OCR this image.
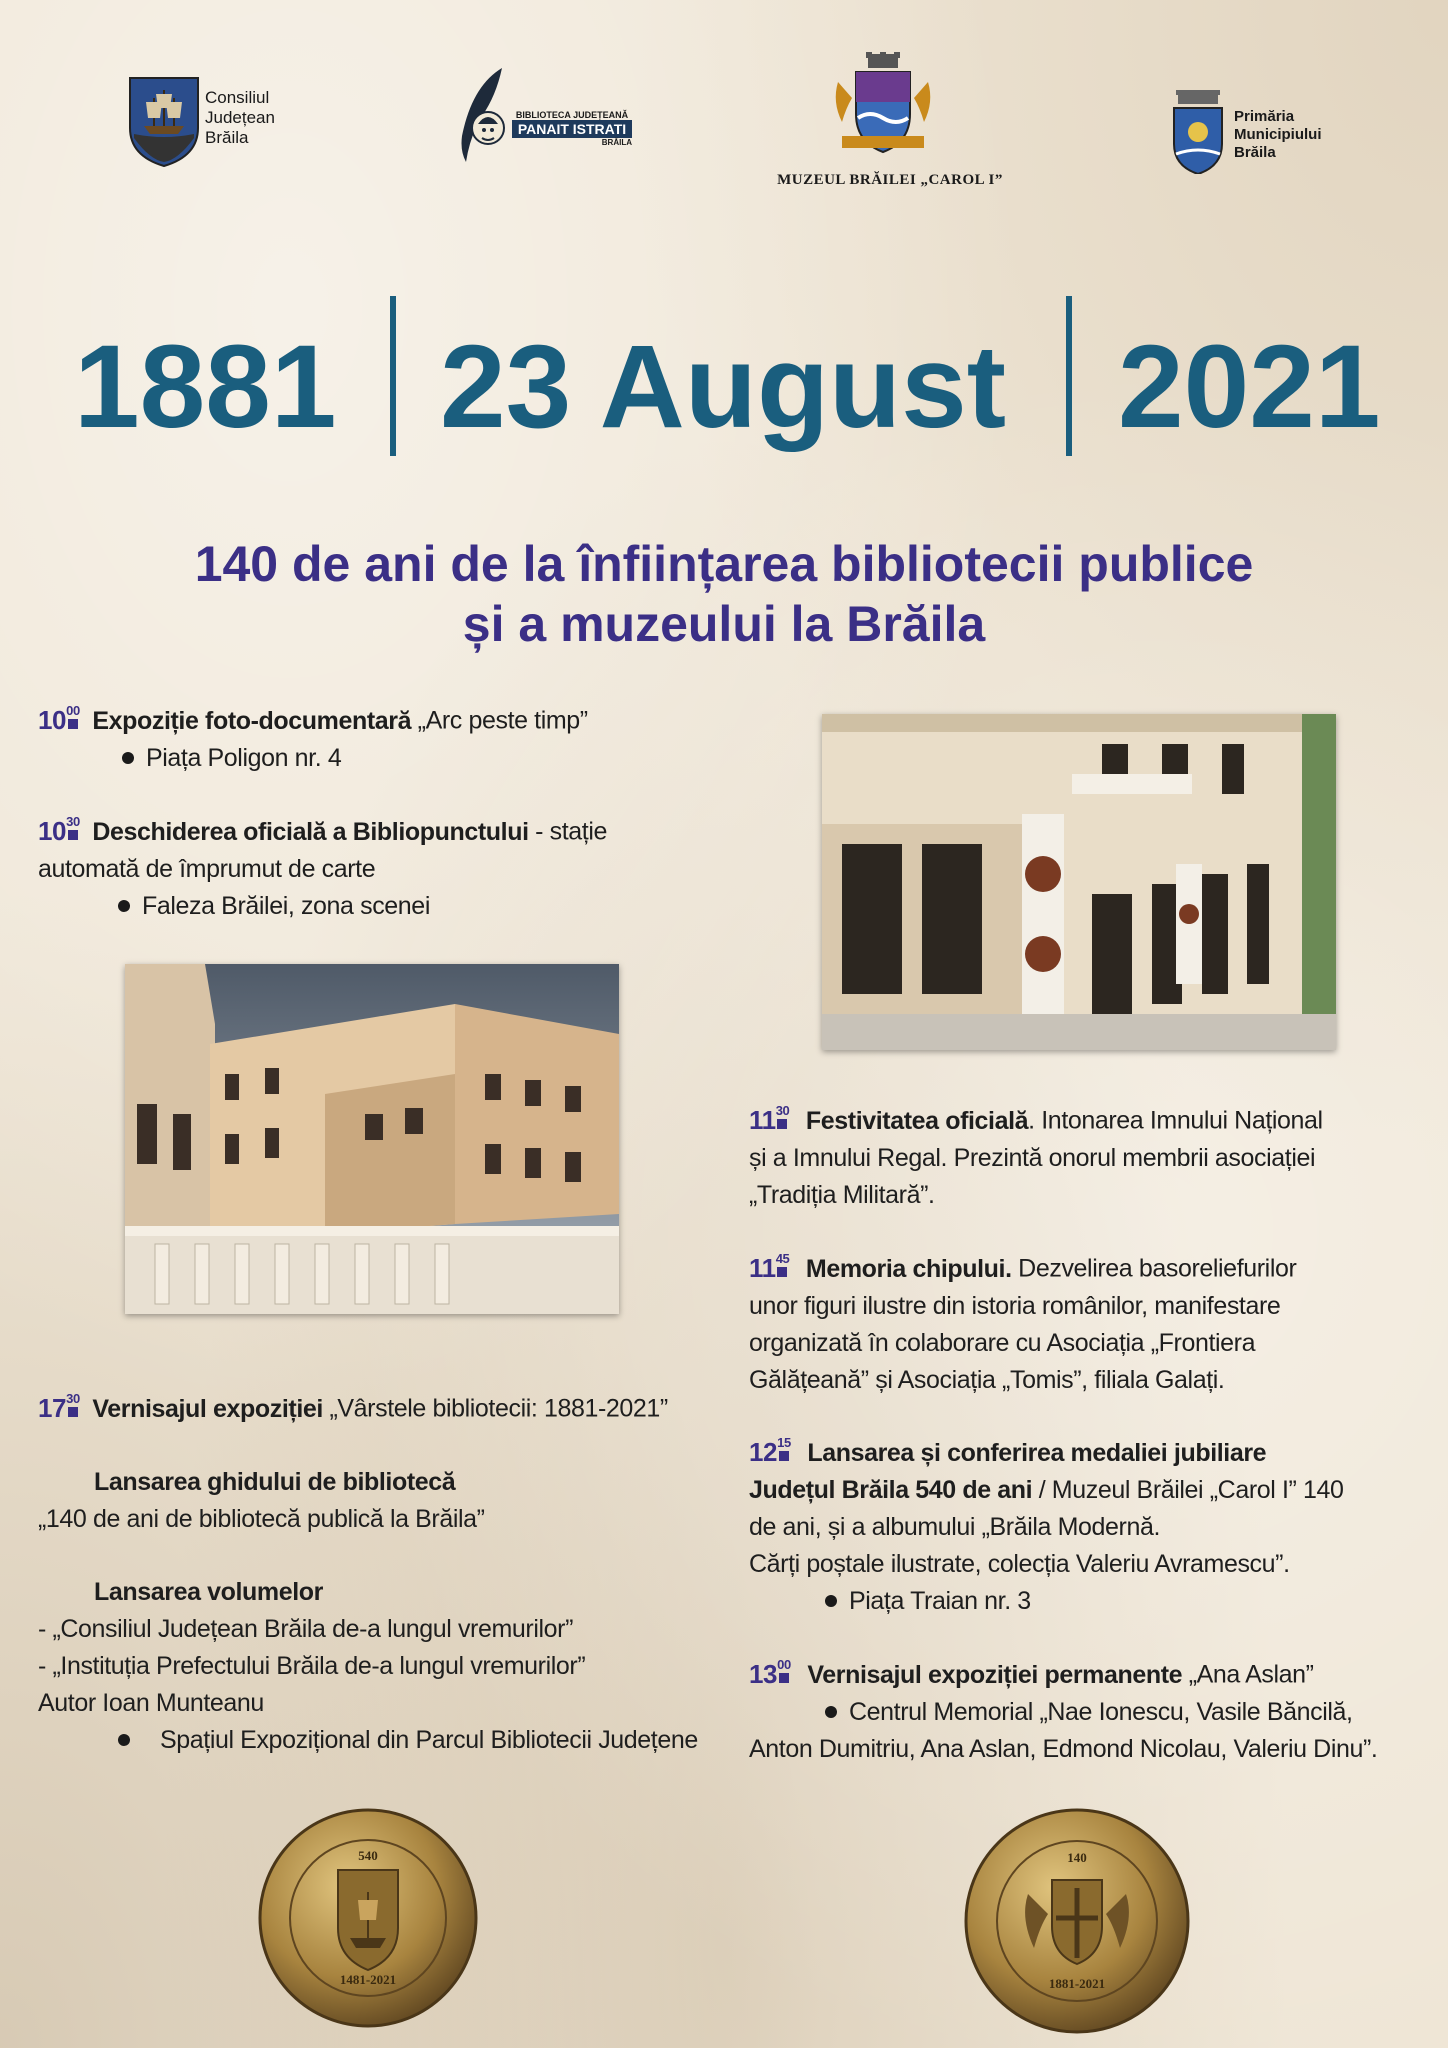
Consiliul
Județean
Brăila
BIBLIOTECA JUDEȚEANĂ
PANAIT ISTRATI
BRĂILA
MUZEUL BRĂILEI „CAROL I”
Primăria
Municipiului
Brăila
1881 23 August 2021
140 de ani de la înființarea bibliotecii publice
și a muzeului la Brăila
$10^{00}$ Expoziție foto-documentară „Arc peste timp”
Piața Poligon nr. 4
$10^{30}$ Deschiderea oficială a Bibliopunctului - stație
automată de împrumut de carte
Faleza Brăilei, zona scenei
$17^{30}$ Vernisajul expoziției „Vârstele bibliotecii: 1881-2021”
Lansarea ghidului de bibliotecă
„140 de ani de bibliotecă publică la Brăila”
Lansarea volumelor
- „Consiliul Județean Brăila de-a lungul vremurilor”
- „Instituția Prefectului Brăila de-a lungul vremurilor”
Autor Ioan Munteanu
Spațiul Expozițional din Parcul Bibliotecii Județene
$11^{30}$ Festivitatea oficială. Intonarea Imnului Național
și a Imnului Regal. Prezintă onorul membrii asociației
„Tradiția Militară”.
$11^{45}$ Memoria chipului. Dezvelirea basoreliefurilor
unor figuri ilustre din istoria românilor, manifestare
organizată în colaborare cu Asociația „Frontiera
Gălățeană” și Asociația „Tomis”, filiala Galați.
$12^{15}$ Lansarea și conferirea medaliei jubiliare
Județul Brăila 540 de ani / Muzeul Brăilei „Carol I” 140
de ani, și a albumului „Brăila Modernă.
Cărți poștale ilustrate, colecția Valeriu Avramescu”.
Piața Traian nr. 3
$13^{00}$ Vernisajul expoziției permanente „Ana Aslan”
Centrul Memorial „Nae Ionescu, Vasile Băncilă,
Anton Dumitriu, Ana Aslan, Edmond Nicolau, Valeriu Dinu”.
540
1481-2021
140
1881-2021
